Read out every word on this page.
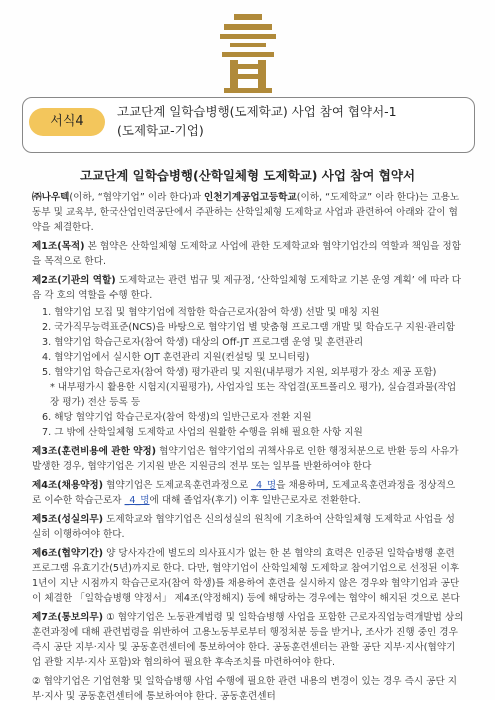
서식4
고교단계 일학습병행(도제학교) 사업 참여 협약서-1
(도제학교-기업)
고교단계 일학습병행(산학일체형 도제학교) 사업 참여 협약서

㈜나우텍(이하, “협약기업” 이라 한다)과 인천기계공업고등학교(이하, “도제학교” 이라 한다)는 고용노동부 및 교육부, 한국산업인력공단에서 주관하는 산학일체형 도제학교 사업과 관련하여 아래와 같이 협약을 체결한다.

제1조(목적) 본 협약은 산학일체형 도제학교 사업에 관한 도제학교와 협약기업간의 역할과 책임을 정함을 목적으로 한다.

제2조(기관의 역할) 도제학교는 관련 법규 및 제규정, ‘산학일체형 도제학교 기본 운영 계획’ 에 따라 다음 각 호의 역할을 수행 한다.

1. 협약기업 모집 및 협약기업에 적합한 학습근로자(참여 학생) 선발 및 매칭 지원
2. 국가직무능력표준(NCS)을 바탕으로 협약기업 별 맞춤형 프로그램 개발 및 학습도구 지원·관리함
3. 협약기업 학습근로자(참여 학생) 대상의 Off-JT 프로그램 운영 및 훈련관리
4. 협약기업에서 실시한 OJT 훈련관리 지원(컨설팅 및 모니터링)
5. 협약기업 학습근로자(참여 학생) 평가관리 및 지원(내부평가 지원, 외부평가 장소 제공 포함)
* 내부평가시 활용한 시험지(지필평가), 사업자일 또는 작업결(포트폴리오 평가), 실습결과물(작업장 평가) 전산 등록 등
6. 해당 협약기업 학습근로자(참여 학생)의 일반근로자 전환 지원
7. 그 밖에 산학일체형 도제학교 사업의 원활한 수행을 위해 필요한 사항 지원

제3조(훈련비용에 관한 약정) 협약기업은 협약기업의 귀책사유로 인한 행정처분으로 반환 등의 사유가 발생한 경우, 협약기업은 기지원 받은 지원금의 전부 또는 일부를 반환하여야 한다

제4조(채용약정) 협약기업은 도제교육훈련과정으로 _4_명을 채용하며, 도제교육훈련과정을 정상적으로 이수한 학습근로자 _4_명에 대해 졸업자(후기) 이후 일반근로자로 전환한다.

제5조(성실의무) 도제학교와 협약기업은 신의성실의 원칙에 기초하여 산학일체형 도제학교 사업을 성실히 이행하여야 한다.

제6조(협약기간) 양 당사자간에 별도의 의사표시가 없는 한 본 협약의 효력은 인증된 일학습병행 훈련프로그램 유효기간(5년)까지로 한다. 다만, 협약기업이 산학일체형 도제학교 참여기업으로 선정된 이후 1년이 지난 시점까지 학습근로자(참여 학생)를 채용하여 훈련을 실시하지 않은 경우와 협약기업과 공단이 체결한 「일학습병행 약정서」 제4조(약정해지) 등에 해당하는 경우에는 협약이 해지된 것으로 본다

제7조(통보의무) ① 협약기업은 노동관계법령 및 일학습병행 사업을 포함한 근로자직업능력개발법 상의 훈련과정에 대해 관련법령을 위반하여 고용노동부로부터 행정처분 등을 받거나, 조사가 진행 중인 경우 즉시 공단 지부·지사 및 공동훈련센터에 통보하여야 한다. 공동훈련센터는 관할 공단 지부·지사(협약기업 관할 지부·지사 포함)와 협의하여 필요한 후속조치를 마련하여야 한다.

② 협약기업은 기업현황 및 일학습병행 사업 수행에 필요한 관련 내용의 변경이 있는 경우 즉시 공단 지부·지사 및 공동훈련센터에 통보하여야 한다. 공동훈련센터
